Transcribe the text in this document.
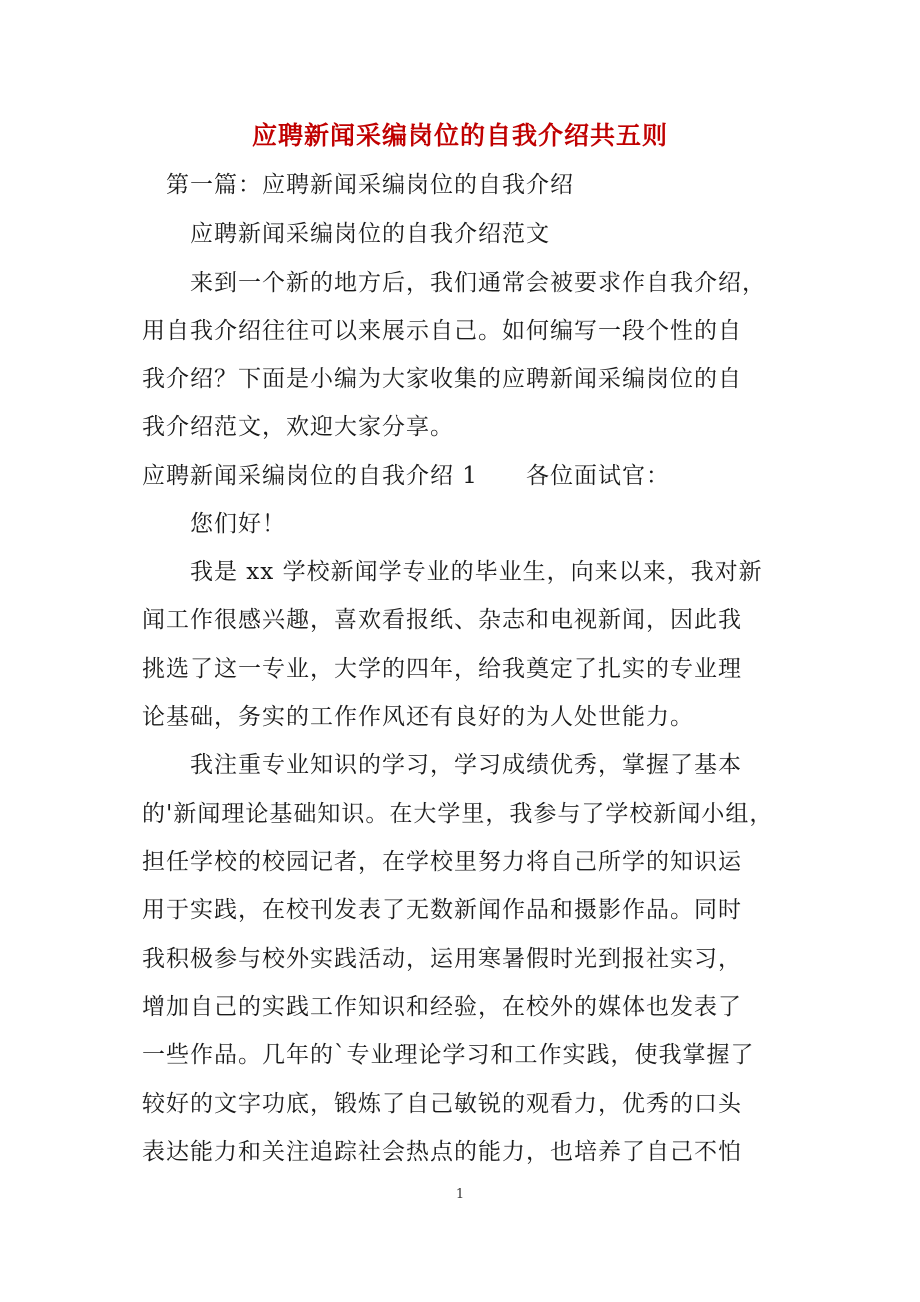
应聘新闻采编岗位的自我介绍共五则
第一篇：应聘新闻采编岗位的自我介绍
应聘新闻采编岗位的自我介绍范文
来到一个新的地方后，我们通常会被要求作自我介绍，
用自我介绍往往可以来展示自己。如何编写一段个性的自
我介绍？下面是小编为大家收集的应聘新闻采编岗位的自
我介绍范文，欢迎大家分享。
应聘新闻采编岗位的自我介绍 1　　各位面试官：
您们好！
我是 xx 学校新闻学专业的毕业生，向来以来，我对新
闻工作很感兴趣，喜欢看报纸、杂志和电视新闻，因此我
挑选了这一专业，大学的四年，给我奠定了扎实的专业理
论基础，务实的工作作风还有良好的为人处世能力。
我注重专业知识的学习，学习成绩优秀，掌握了基本
的'新闻理论基础知识。在大学里，我参与了学校新闻小组，
担任学校的校园记者，在学校里努力将自己所学的知识运
用于实践，在校刊发表了无数新闻作品和摄影作品。同时
我积极参与校外实践活动，运用寒暑假时光到报社实习，
增加自己的实践工作知识和经验，在校外的媒体也发表了
一些作品。几年的`专业理论学习和工作实践，使我掌握了
较好的文字功底，锻炼了自己敏锐的观看力，优秀的口头
表达能力和关注追踪社会热点的能力，也培养了自己不怕
1
